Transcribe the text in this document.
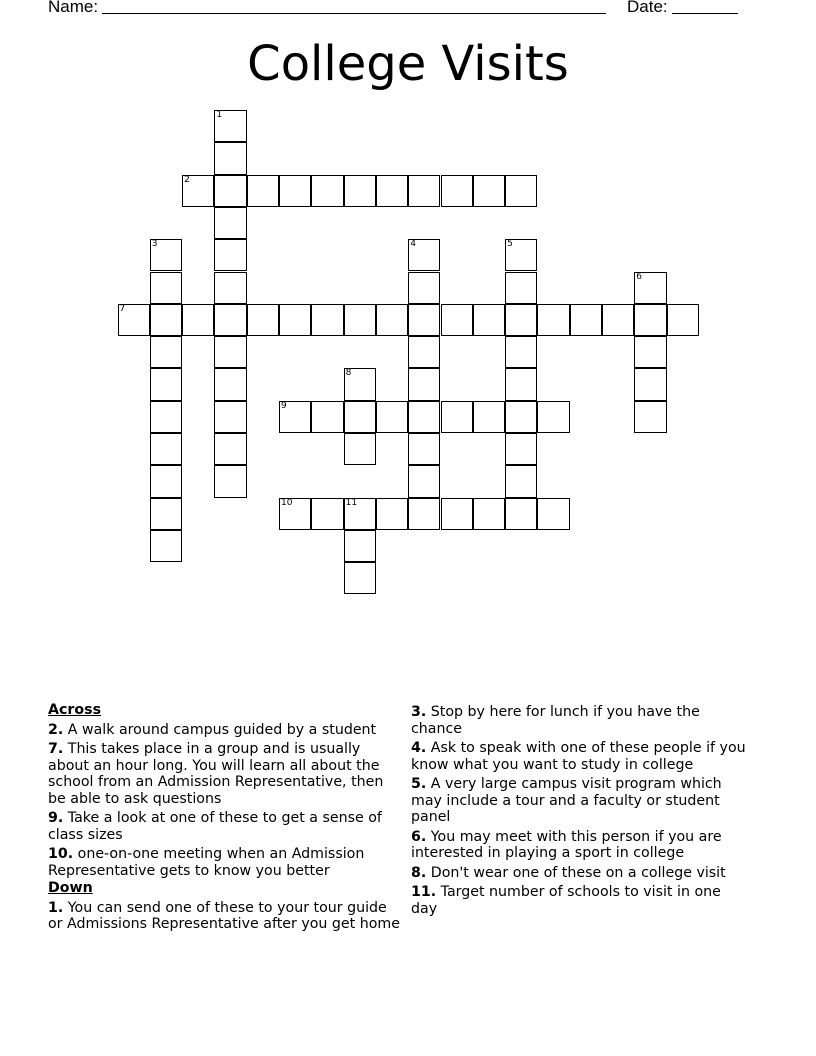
Name:	Date:
College Visits
1
2
3	4	5
6
7
8
9
10	11
Across
2. A walk around campus guided by a student
7. This takes place in a group and is usually about an hour long. You will learn all about the school from an Admission Representative, then be able to ask questions
9. Take a look at one of these to get a sense of class sizes
10. one-on-one meeting when an Admission Representative gets to know you better
Down
1. You can send one of these to your tour guide or Admissions Representative after you get home
3. Stop by here for lunch if you have the chance
4. Ask to speak with one of these people if you know what you want to study in college
5. A very large campus visit program which may include a tour and a faculty or student panel
6. You may meet with this person if you are interested in playing a sport in college
8. Don't wear one of these on a college visit
11. Target number of schools to visit in one day
